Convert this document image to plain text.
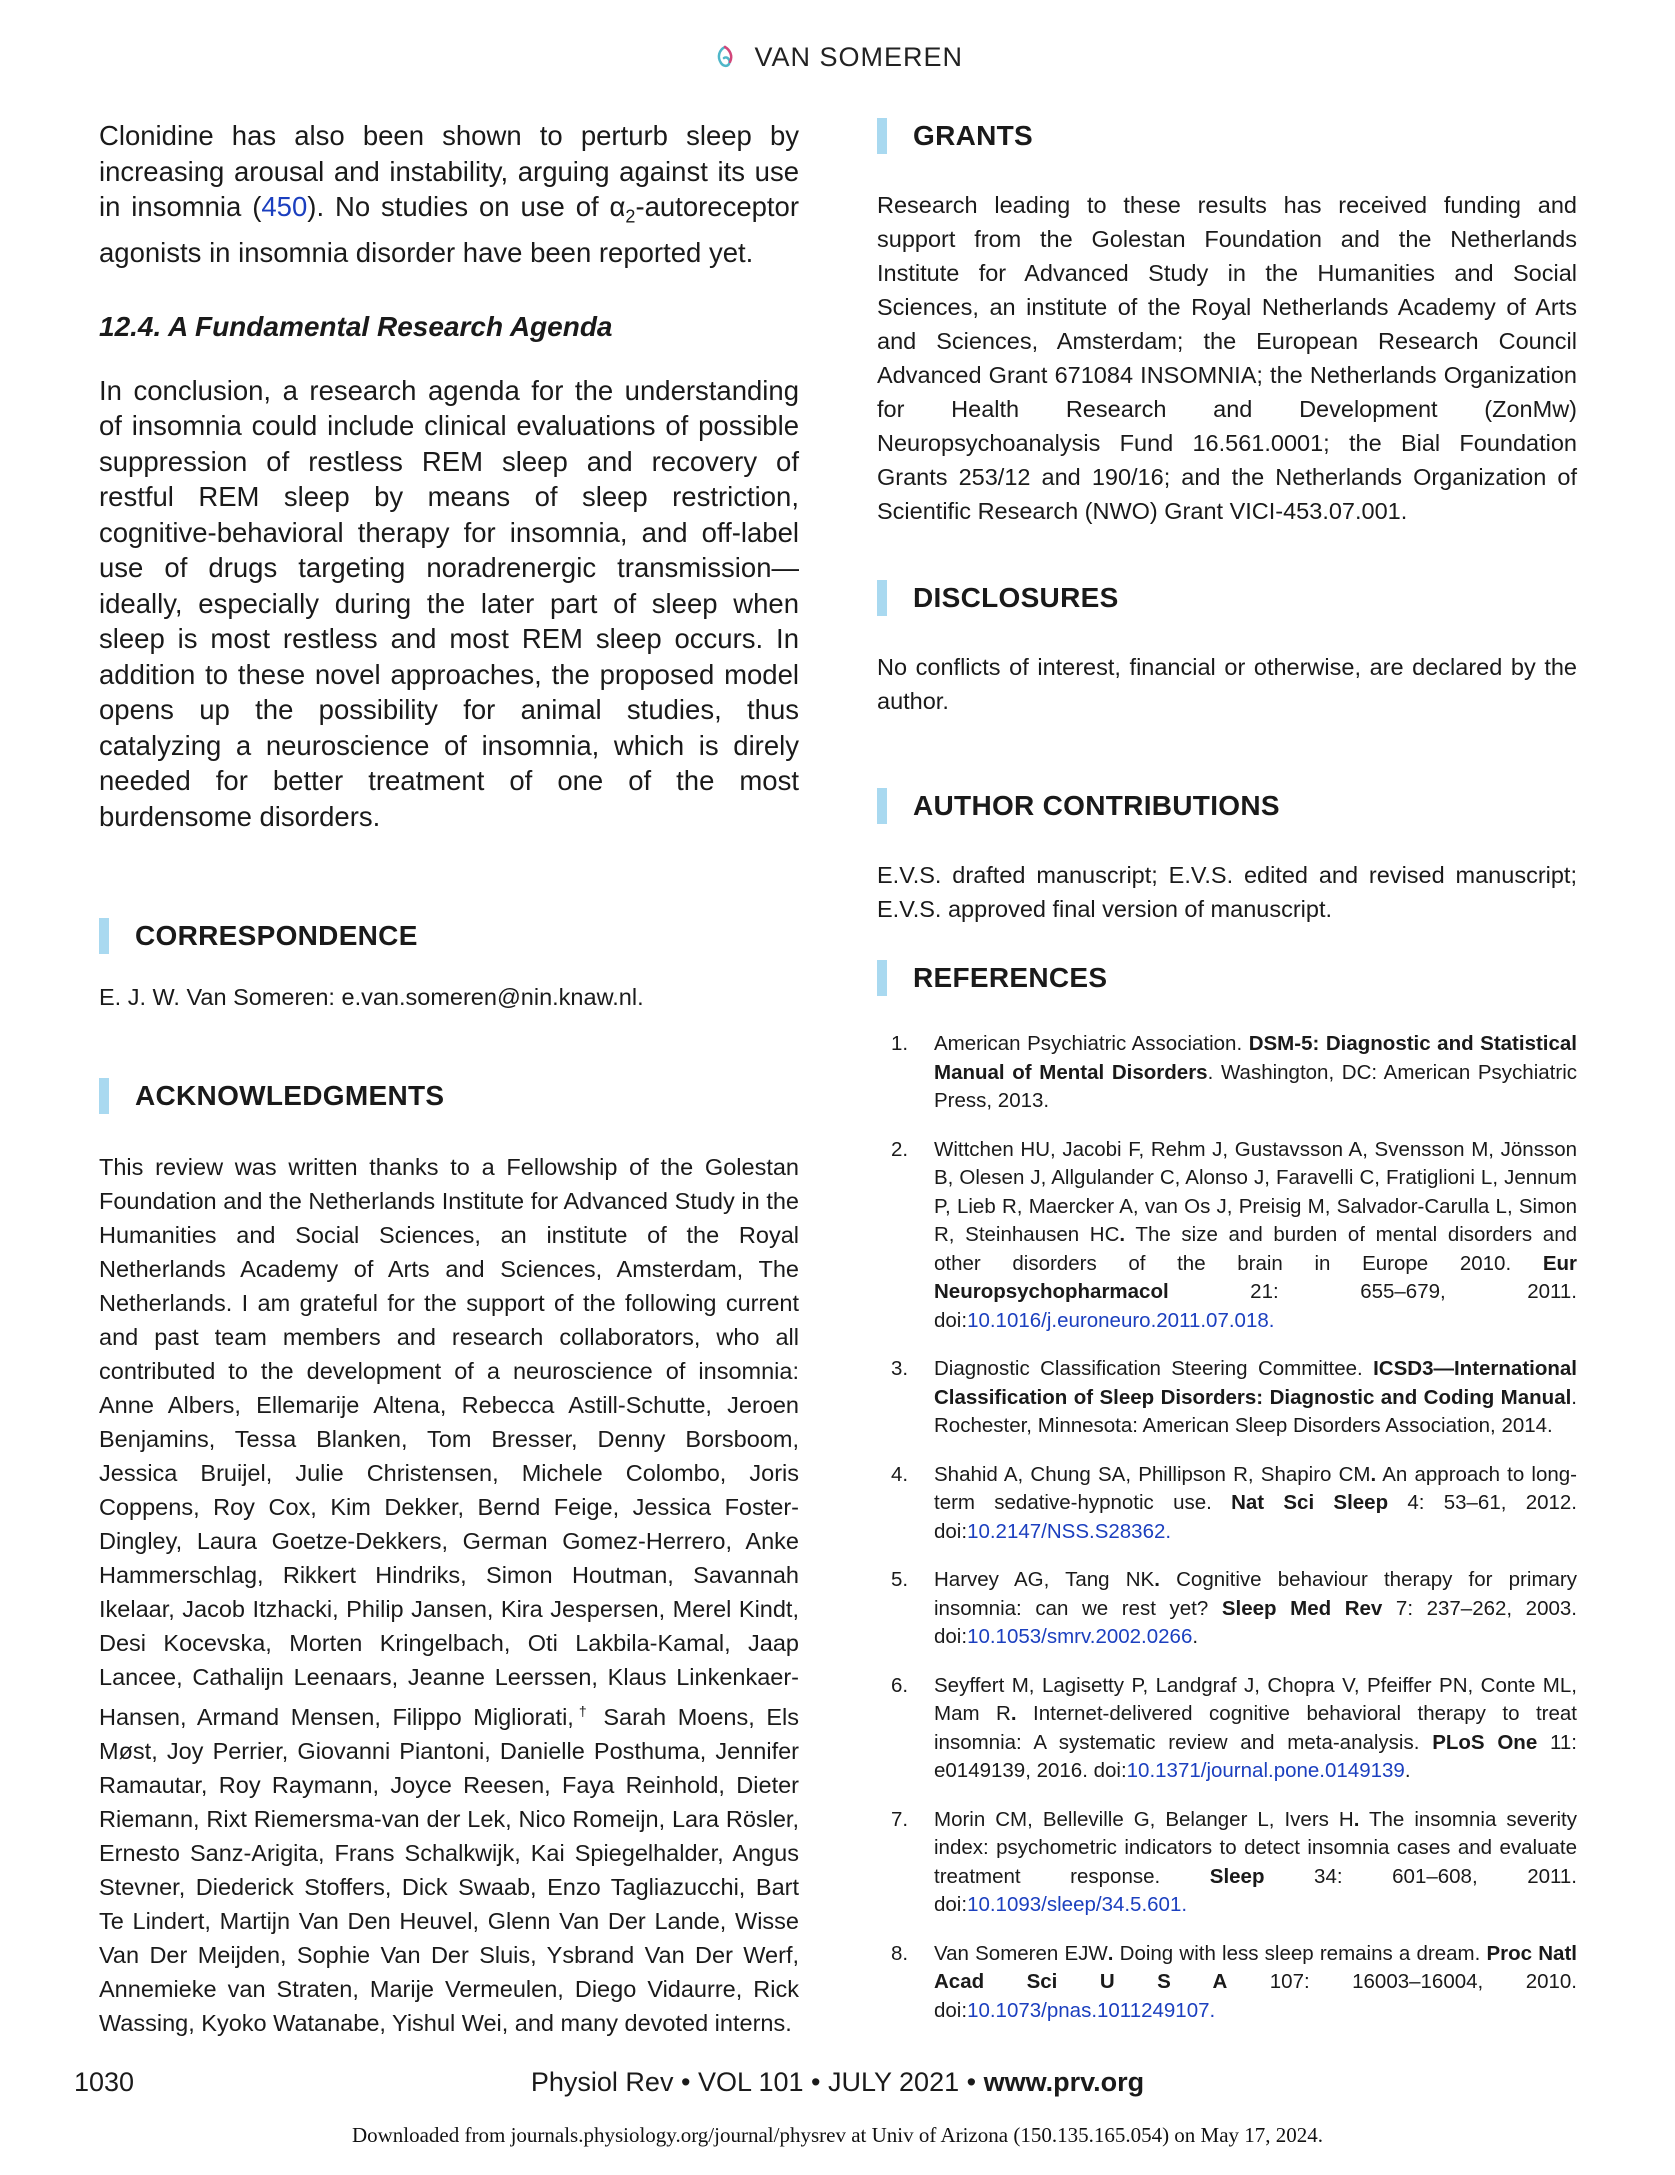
VAN SOMEREN

Clonidine has also been shown to perturb sleep by increasing arousal and instability, arguing against its use in insomnia (450). No studies on use of $\alpha_2$-autoreceptor agonists in insomnia disorder have been reported yet.

12.4. A Fundamental Research Agenda

In conclusion, a research agenda for the understanding of insomnia could include clinical evaluations of possible suppression of restless REM sleep and recovery of restful REM sleep by means of sleep restriction, cognitive-behavioral therapy for insomnia, and off-label use of drugs targeting noradrenergic transmission—ideally, especially during the later part of sleep when sleep is most restless and most REM sleep occurs. In addition to these novel approaches, the proposed model opens up the possibility for animal studies, thus catalyzing a neuroscience of insomnia, which is direly needed for better treatment of one of the most burdensome disorders.

CORRESPONDENCE

E. J. W. Van Someren: e.van.someren@nin.knaw.nl.

ACKNOWLEDGMENTS

This review was written thanks to a Fellowship of the Golestan Foundation and the Netherlands Institute for Advanced Study in the Humanities and Social Sciences, an institute of the Royal Netherlands Academy of Arts and Sciences, Amsterdam, The Netherlands. I am grateful for the support of the following current and past team members and research collaborators, who all contributed to the development of a neuroscience of insomnia: Anne Albers, Ellemarije Altena, Rebecca Astill-Schutte, Jeroen Benjamins, Tessa Blanken, Tom Bresser, Denny Borsboom, Jessica Bruijel, Julie Christensen, Michele Colombo, Joris Coppens, Roy Cox, Kim Dekker, Bernd Feige, Jessica Foster-Dingley, Laura Goetze-Dekkers, German Gomez-Herrero, Anke Hammerschlag, Rikkert Hindriks, Simon Houtman, Savannah Ikelaar, Jacob Itzhacki, Philip Jansen, Kira Jespersen, Merel Kindt, Desi Kocevska, Morten Kringelbach, Oti Lakbila-Kamal, Jaap Lancee, Cathalijn Leenaars, Jeanne Leerssen, Klaus Linkenkaer-Hansen, Armand Mensen, Filippo Migliorati,† Sarah Moens, Els Møst, Joy Perrier, Giovanni Piantoni, Danielle Posthuma, Jennifer Ramautar, Roy Raymann, Joyce Reesen, Faya Reinhold, Dieter Riemann, Rixt Riemersma-van der Lek, Nico Romeijn, Lara Rösler, Ernesto Sanz-Arigita, Frans Schalkwijk, Kai Spiegelhalder, Angus Stevner, Diederick Stoffers, Dick Swaab, Enzo Tagliazucchi, Bart Te Lindert, Martijn Van Den Heuvel, Glenn Van Der Lande, Wisse Van Der Meijden, Sophie Van Der Sluis, Ysbrand Van Der Werf, Annemieke van Straten, Marije Vermeulen, Diego Vidaurre, Rick Wassing, Kyoko Watanabe, Yishul Wei, and many devoted interns.

GRANTS

Research leading to these results has received funding and support from the Golestan Foundation and the Netherlands Institute for Advanced Study in the Humanities and Social Sciences, an institute of the Royal Netherlands Academy of Arts and Sciences, Amsterdam; the European Research Council Advanced Grant 671084 INSOMNIA; the Netherlands Organization for Health Research and Development (ZonMw) Neuropsychoanalysis Fund 16.561.0001; the Bial Foundation Grants 253/12 and 190/16; and the Netherlands Organization of Scientific Research (NWO) Grant VICI-453.07.001.

DISCLOSURES

No conflicts of interest, financial or otherwise, are declared by the author.

AUTHOR CONTRIBUTIONS

E.V.S. drafted manuscript; E.V.S. edited and revised manuscript; E.V.S. approved final version of manuscript.

REFERENCES
1. American Psychiatric Association. DSM-5: Diagnostic and Statistical Manual of Mental Disorders. Washington, DC: American Psychiatric Press, 2013.
2. Wittchen HU, Jacobi F, Rehm J, Gustavsson A, Svensson M, Jönsson B, Olesen J, Allgulander C, Alonso J, Faravelli C, Fratiglioni L, Jennum P, Lieb R, Maercker A, van Os J, Preisig M, Salvador-Carulla L, Simon R, Steinhausen HC. The size and burden of mental disorders and other disorders of the brain in Europe 2010. Eur Neuropsychopharmacol 21: 655–679, 2011. doi:10.1016/j.euroneuro.2011.07.018.
3. Diagnostic Classification Steering Committee. ICSD3—International Classification of Sleep Disorders: Diagnostic and Coding Manual. Rochester, Minnesota: American Sleep Disorders Association, 2014.
4. Shahid A, Chung SA, Phillipson R, Shapiro CM. An approach to long-term sedative-hypnotic use. Nat Sci Sleep 4: 53–61, 2012. doi:10.2147/NSS.S28362.
5. Harvey AG, Tang NK. Cognitive behaviour therapy for primary insomnia: can we rest yet? Sleep Med Rev 7: 237–262, 2003. doi:10.1053/smrv.2002.0266.
6. Seyffert M, Lagisetty P, Landgraf J, Chopra V, Pfeiffer PN, Conte ML, Mam R. Internet-delivered cognitive behavioral therapy to treat insomnia: A systematic review and meta-analysis. PLoS One 11: e0149139, 2016. doi:10.1371/journal.pone.0149139.
7. Morin CM, Belleville G, Belanger L, Ivers H. The insomnia severity index: psychometric indicators to detect insomnia cases and evaluate treatment response. Sleep 34: 601–608, 2011. doi:10.1093/sleep/34.5.601.
8. Van Someren EJW. Doing with less sleep remains a dream. Proc Natl Acad Sci U S A 107: 16003–16004, 2010. doi:10.1073/pnas.1011249107.
1030	Physiol Rev • VOL 101 • JULY 2021 • www.prv.org
Downloaded from journals.physiology.org/journal/physrev at Univ of Arizona (150.135.165.054) on May 17, 2024.
